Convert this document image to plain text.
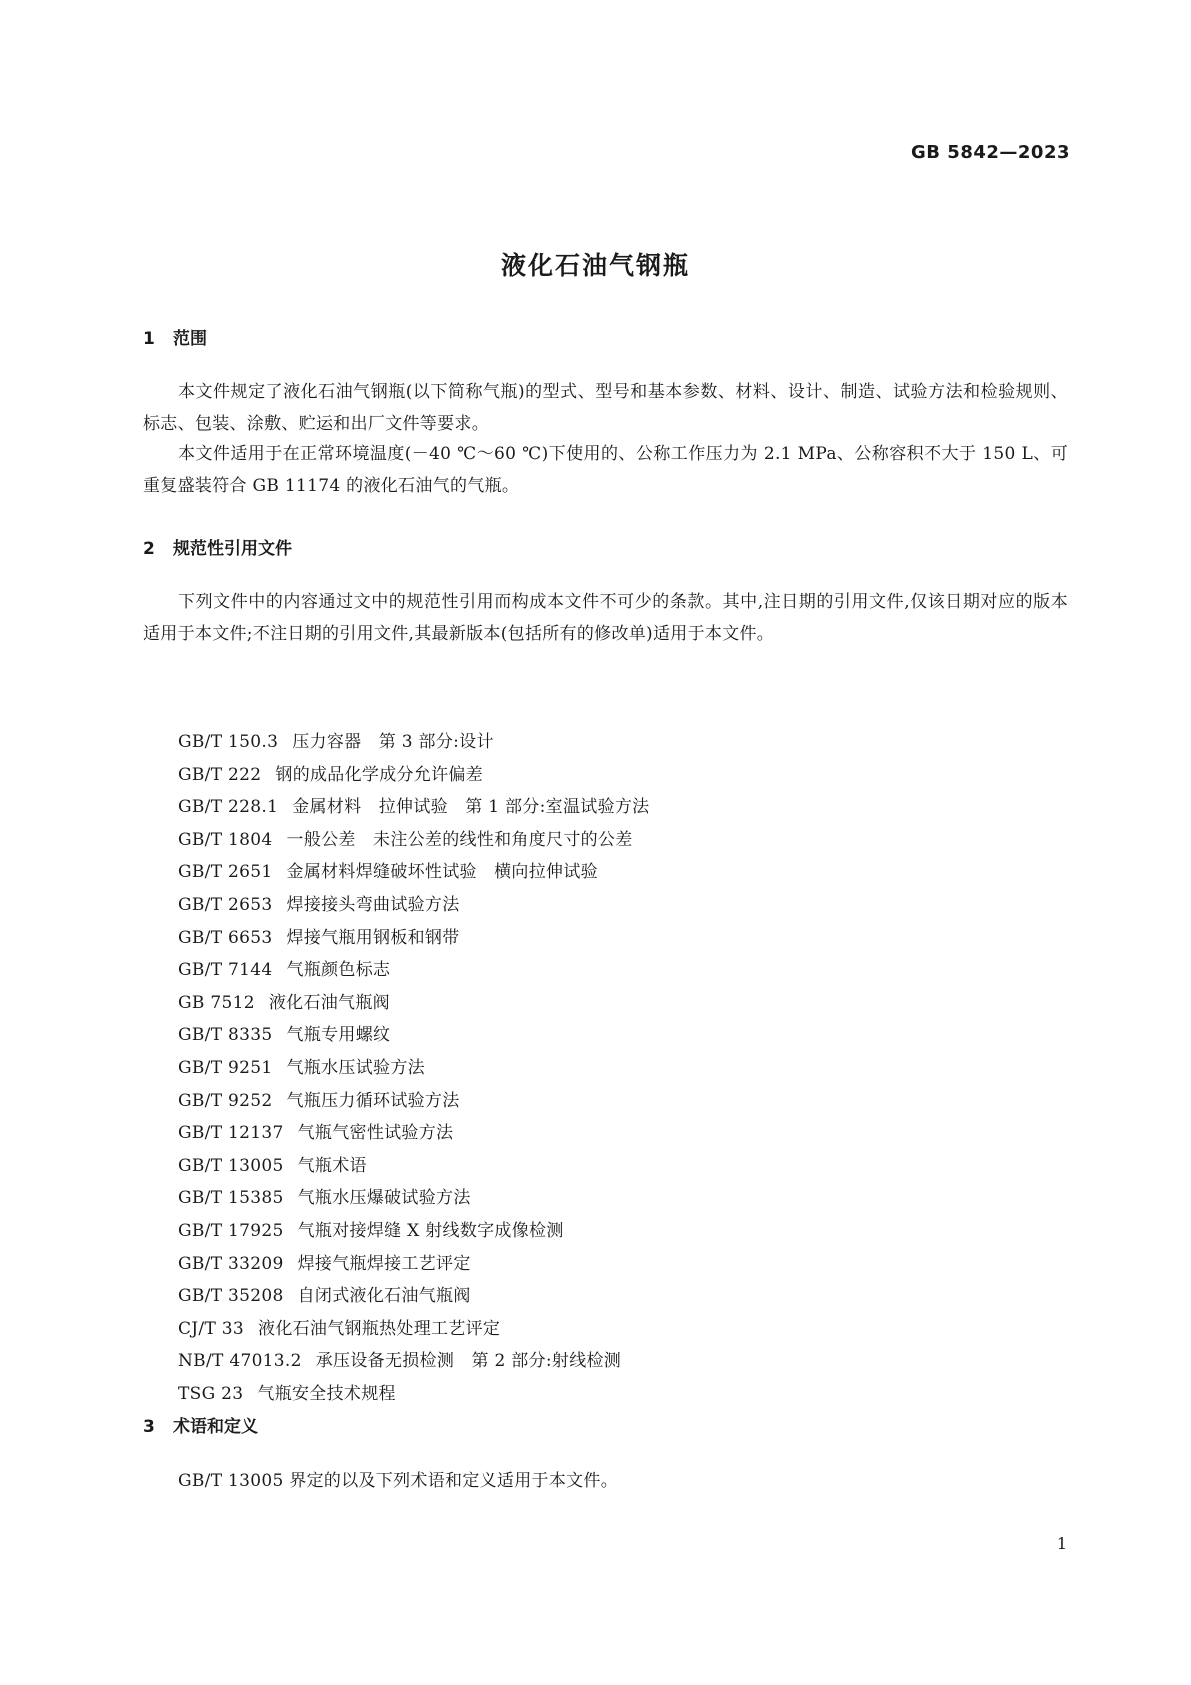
GB 5842—2023
液化石油气钢瓶
1 范围
本文件规定了液化石油气钢瓶(以下简称气瓶)的型式、型号和基本参数、材料、设计、制造、试验方法和检验规则、标志、包装、涂敷、贮运和出厂文件等要求。
本文件适用于在正常环境温度(－40 ℃～60 ℃)下使用的、公称工作压力为 2.1 MPa、公称容积不大于 150 L、可重复盛装符合 GB 11174 的液化石油气的气瓶。
2 规范性引用文件
下列文件中的内容通过文中的规范性引用而构成本文件不可少的条款。其中,注日期的引用文件,仅该日期对应的版本适用于本文件;不注日期的引用文件,其最新版本(包括所有的修改单)适用于本文件。
GB/T 150.3 压力容器　第 3 部分:设计
GB/T 222 钢的成品化学成分允许偏差
GB/T 228.1 金属材料　拉伸试验　第 1 部分:室温试验方法
GB/T 1804 一般公差　未注公差的线性和角度尺寸的公差
GB/T 2651 金属材料焊缝破坏性试验　横向拉伸试验
GB/T 2653 焊接接头弯曲试验方法
GB/T 6653 焊接气瓶用钢板和钢带
GB/T 7144 气瓶颜色标志
GB 7512 液化石油气瓶阀
GB/T 8335 气瓶专用螺纹
GB/T 9251 气瓶水压试验方法
GB/T 9252 气瓶压力循环试验方法
GB/T 12137 气瓶气密性试验方法
GB/T 13005 气瓶术语
GB/T 15385 气瓶水压爆破试验方法
GB/T 17925 气瓶对接焊缝 X 射线数字成像检测
GB/T 33209 焊接气瓶焊接工艺评定
GB/T 35208 自闭式液化石油气瓶阀
CJ/T 33 液化石油气钢瓶热处理工艺评定
NB/T 47013.2 承压设备无损检测　第 2 部分:射线检测
TSG 23 气瓶安全技术规程
3 术语和定义
GB/T 13005 界定的以及下列术语和定义适用于本文件。
1
